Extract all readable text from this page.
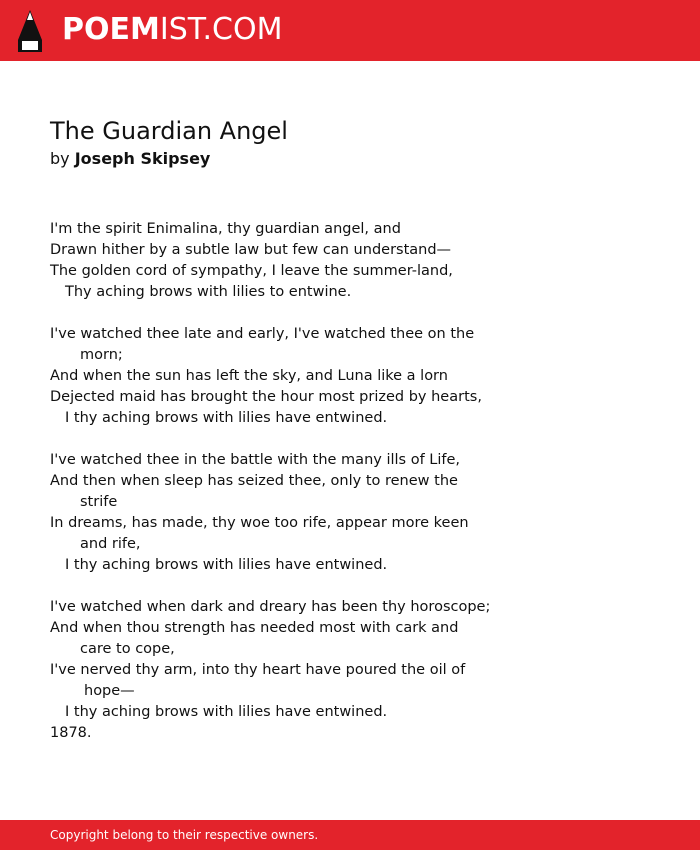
POEMIST.COM
The Guardian Angel
by Joseph Skipsey
I'm the spirit Enimalina, thy guardian angel, and
Drawn hither by a subtle law but few can understand—
The golden cord of sympathy, I leave the summer-land,
Thy aching brows with lilies to entwine.
I've watched thee late and early, I've watched thee on the
morn;
And when the sun has left the sky, and Luna like a lorn
Dejected maid has brought the hour most prized by hearts,
I thy aching brows with lilies have entwined.
I've watched thee in the battle with the many ills of Life,
And then when sleep has seized thee, only to renew the
strife
In dreams, has made, thy woe too rife, appear more keen
and rife,
I thy aching brows with lilies have entwined.
I've watched when dark and dreary has been thy horoscope;
And when thou strength has needed most with cark and
care to cope,
I've nerved thy arm, into thy heart have poured the oil of
hope—
I thy aching brows with lilies have entwined.
1878.
Copyright belong to their respective owners.
